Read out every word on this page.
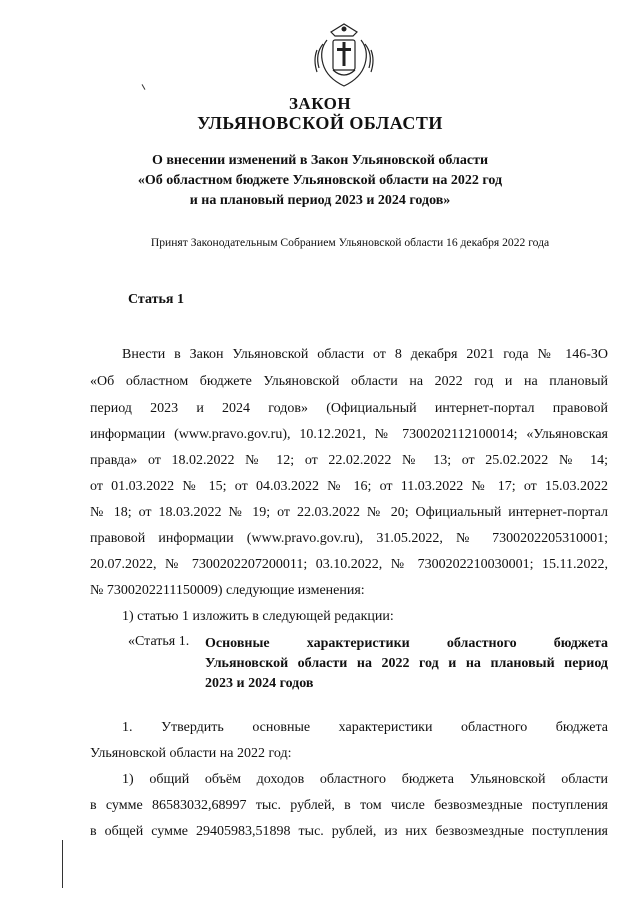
ЗАКОН
УЛЬЯНОВСКОЙ ОБЛАСТИ
О внесении изменений в Закон Ульяновской области
«Об областном бюджете Ульяновской области на 2022 год
и на плановый период 2023 и 2024 годов»
Принят Законодательным Собранием Ульяновской области 16 декабря 2022 года
Статья 1
Внести в Закон Ульяновской области от 8 декабря 2021 года № 146-ЗО
«Об областном бюджете Ульяновской области на 2022 год и на плановый
период 2023 и 2024 годов» (Официальный интернет-портал правовой
информации (www.pravo.gov.ru), 10.12.2021, № 7300202112100014; «Ульяновская
правда» от 18.02.2022 № 12; от 22.02.2022 № 13; от 25.02.2022 № 14;
от 01.03.2022 № 15; от 04.03.2022 № 16; от 11.03.2022 № 17; от 15.03.2022
№ 18; от 18.03.2022 № 19; от 22.03.2022 № 20; Официальный интернет-портал
правовой информации (www.pravo.gov.ru), 31.05.2022, № 7300202205310001;
20.07.2022, № 7300202207200011; 03.10.2022, № 7300202210030001; 15.11.2022,
№ 7300202211150009) следующие изменения:
1) статью 1 изложить в следующей редакции:
«Статья 1. Основные характеристики областного бюджета
Ульяновской области на 2022 год и на плановый период
2023 и 2024 годов
1. Утвердить основные характеристики областного бюджета
Ульяновской области на 2022 год:
1) общий объём доходов областного бюджета Ульяновской области
в сумме 86583032,68997 тыс. рублей, в том числе безвозмездные поступления
в общей сумме 29405983,51898 тыс. рублей, из них безвозмездные поступления
